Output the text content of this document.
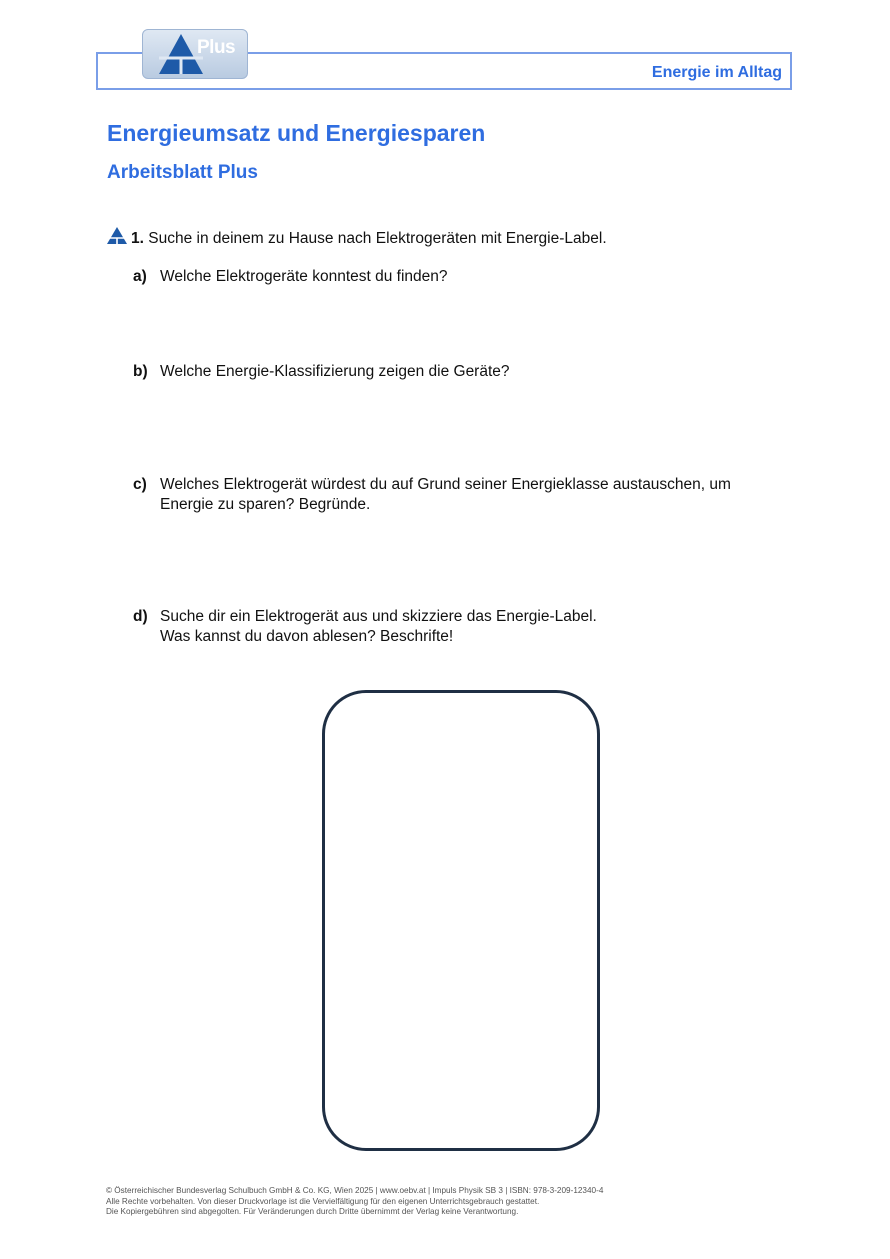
Energie im Alltag
Plus
Energieumsatz und Energiesparen
Arbeitsblatt Plus
1. Suche in deinem zu Hause nach Elektrogeräten mit Energie-Label.
a) Welche Elektrogeräte konntest du finden?
b) Welche Energie-Klassifizierung zeigen die Geräte?
c) Welches Elektrogerät würdest du auf Grund seiner Energieklasse austauschen, um
Energie zu sparen? Begründe.
d) Suche dir ein Elektrogerät aus und skizziere das Energie-Label.
Was kannst du davon ablesen? Beschrifte!
© Österreichischer Bundesverlag Schulbuch GmbH & Co. KG, Wien 2025 | www.oebv.at | Impuls Physik SB 3 | ISBN: 978-3-209-12340-4
Alle Rechte vorbehalten. Von dieser Druckvorlage ist die Vervielfältigung für den eigenen Unterrichtsgebrauch gestattet.
Die Kopiergebühren sind abgegolten. Für Veränderungen durch Dritte übernimmt der Verlag keine Verantwortung.
